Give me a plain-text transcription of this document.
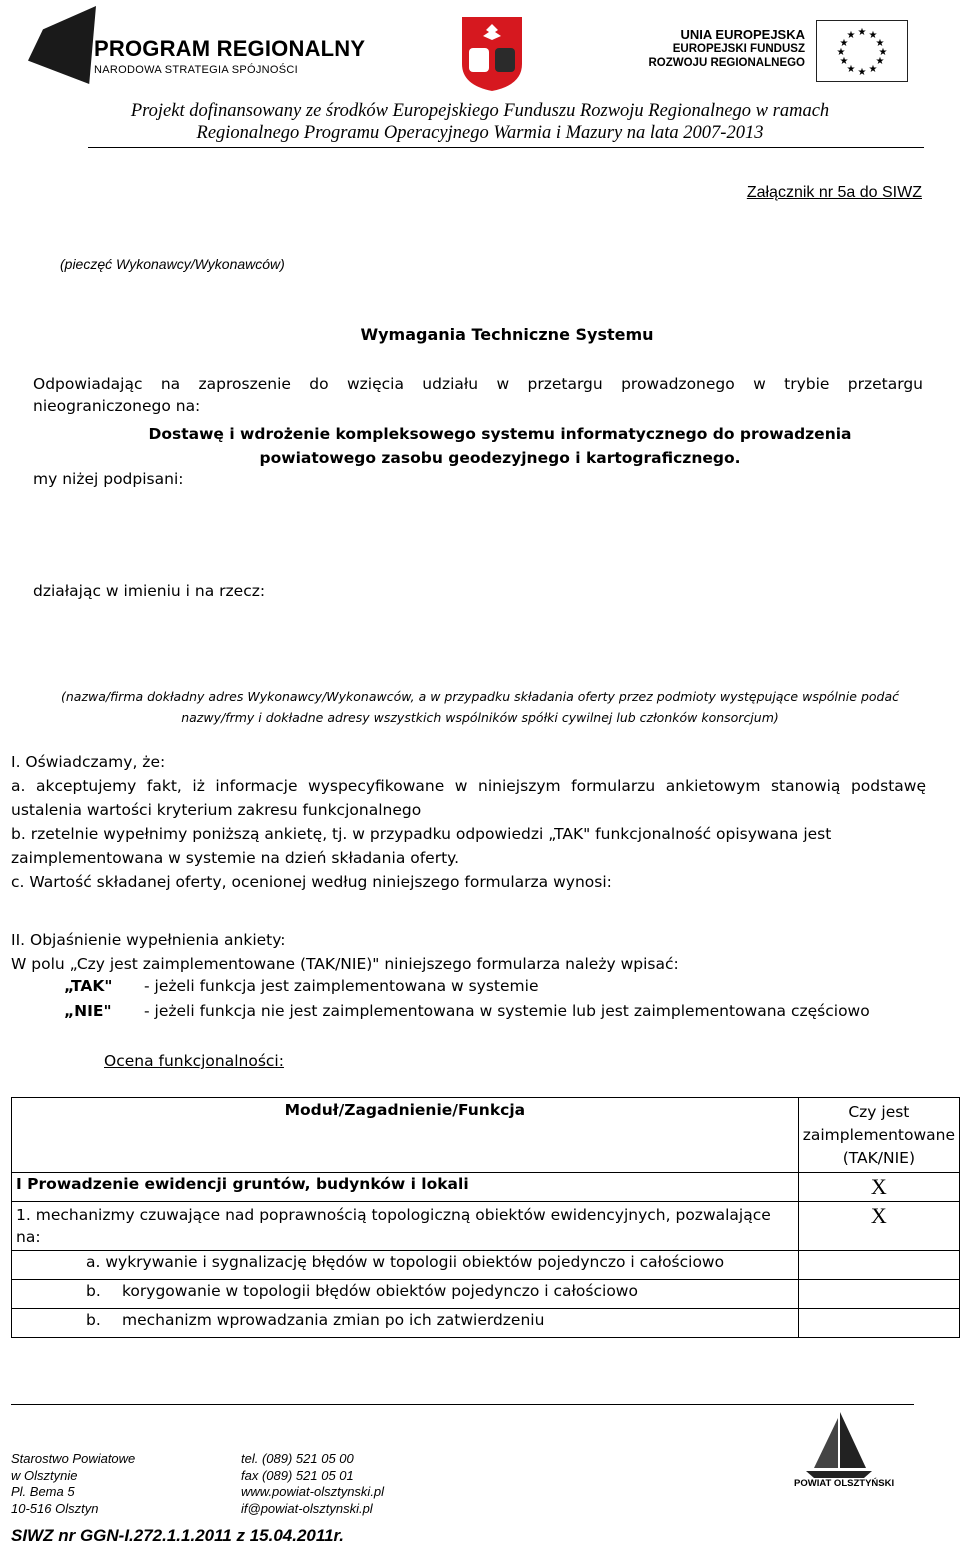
PROGRAM REGIONALNY
NARODOWA STRATEGIA SPÓJNOŚCI
UNIA EUROPEJSKA
EUROPEJSKI FUNDUSZ
ROZWOJU REGIONALNEGO
★ ★
★
★
★
★
★
★
★
★
★
★
Projekt dofinansowany ze środków Europejskiego Funduszu Rozwoju Regionalnego w ramach
Regionalnego Programu Operacyjnego Warmia i Mazury na lata 2007-2013
Załącznik nr 5a do SIWZ
(pieczęć Wykonawcy/Wykonawców)
Wymagania Techniczne Systemu
Odpowiadając na zaproszenie do wzięcia udziału w przetargu prowadzonego w trybie przetargu
nieograniczonego na:
Dostawę i wdrożenie kompleksowego systemu informatycznego do prowadzenia
powiatowego zasobu geodezyjnego i kartograficznego.
my niżej podpisani:
działając w imieniu i na rzecz:
(nazwa/firma dokładny adres Wykonawcy/Wykonawców, a w przypadku składania oferty przez podmioty występujące wspólnie podać
nazwy/frmy i dokładne adresy wszystkich wspólników spółki cywilnej lub członków konsorcjum)
I. Oświadczamy, że:
a. akceptujemy fakt, iż informacje wyspecyfikowane w niniejszym formularzu ankietowym stanowią podstawę ustalenia wartości kryterium zakresu funkcjonalnego
b. rzetelnie wypełnimy poniższą ankietę, tj. w przypadku odpowiedzi „TAK" funkcjonalność opisywana jest
zaimplementowana w systemie na dzień składania oferty.
c. Wartość składanej oferty, ocenionej według niniejszego formularza wynosi:
II. Objaśnienie wypełnienia ankiety:
W polu „Czy jest zaimplementowane (TAK/NIE)" niniejszego formularza należy wpisać:
„TAK" - jeżeli funkcja jest zaimplementowana w systemie
„NIE" - jeżeli funkcja nie jest zaimplementowana w systemie lub jest zaimplementowana częściowo
Ocena funkcjonalności:
Moduł/Zagadnienie/Funkcja	Czy jest
zaimplementowane
(TAK/NIE)

I Prowadzenie ewidencji gruntów, budynków i lokali	X
1. mechanizmy czuwające nad poprawnością topologiczną obiektów ewidencyjnych, pozwalające na:	X
a. wykrywanie i sygnalizację błędów w topologii obiektów pojedynczo i całościowo	
b. korygowanie w topologii błędów obiektów pojedynczo i całościowo	
b. mechanizm wprowadzania zmian po ich zatwierdzeniu	
Starostwo Powiatowe
w Olsztynie
Pl. Bema 5
10-516 Olsztyn
tel. (089) 521 05 00
fax (089) 521 05 01
www.powiat-olsztynski.pl
if@powiat-olsztynski.pl
POWIAT OLSZTYŃSKI
SIWZ nr GGN-I.272.1.1.2011 z 15.04.2011r.
